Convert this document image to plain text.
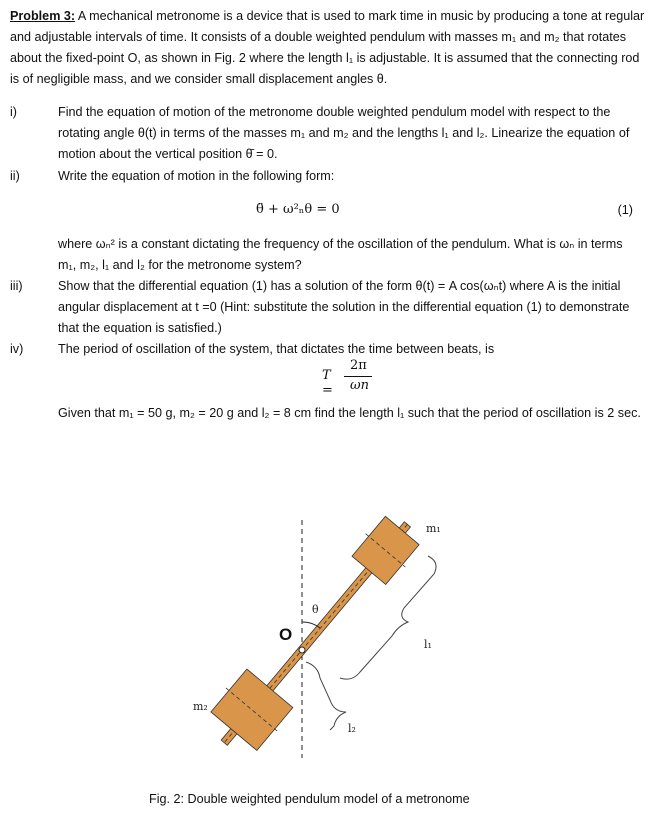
Problem 3: A mechanical metronome is a device that is used to mark time in music by producing a tone at regular and adjustable intervals of time. It consists of a double weighted pendulum with masses m₁ and m₂ that rotates about the fixed-point O, as shown in Fig. 2 where the length l₁ is adjustable. It is assumed that the connecting rod is of negligible mass, and we consider small displacement angles θ.
i)	Find the equation of motion of the metronome double weighted pendulum model with respect to the rotating angle θ(t) in terms of the masses m₁ and m₂ and the lengths l₁ and l₂. Linearize the equation of motion about the vertical position θ̄ = 0.
ii)	Write the equation of motion in the following form:
θ̈ + ω²ₙθ = 0	(1)
where ωₙ² is a constant dictating the frequency of the oscillation of the pendulum. What is ωₙ in terms m₁, m₂, l₁ and l₂ for the metronome system?
iii)	Show that the differential equation (1) has a solution of the form θ(t) = A cos(ωₙt) where A is the initial angular displacement at t =0 (Hint: substitute the solution in the differential equation (1) to demonstrate that the equation is satisfied.)
iv)	The period of oscillation of the system, that dictates the time between beats, is
T =
2π
ωn
Given that m₁ = 50 g, m₂ = 20 g and l₂ = 8 cm find the length l₁ such that the period of oscillation is 2 sec.
m₁
m₂
l₁
l₂
θ
O
Fig. 2: Double weighted pendulum model of a metronome
